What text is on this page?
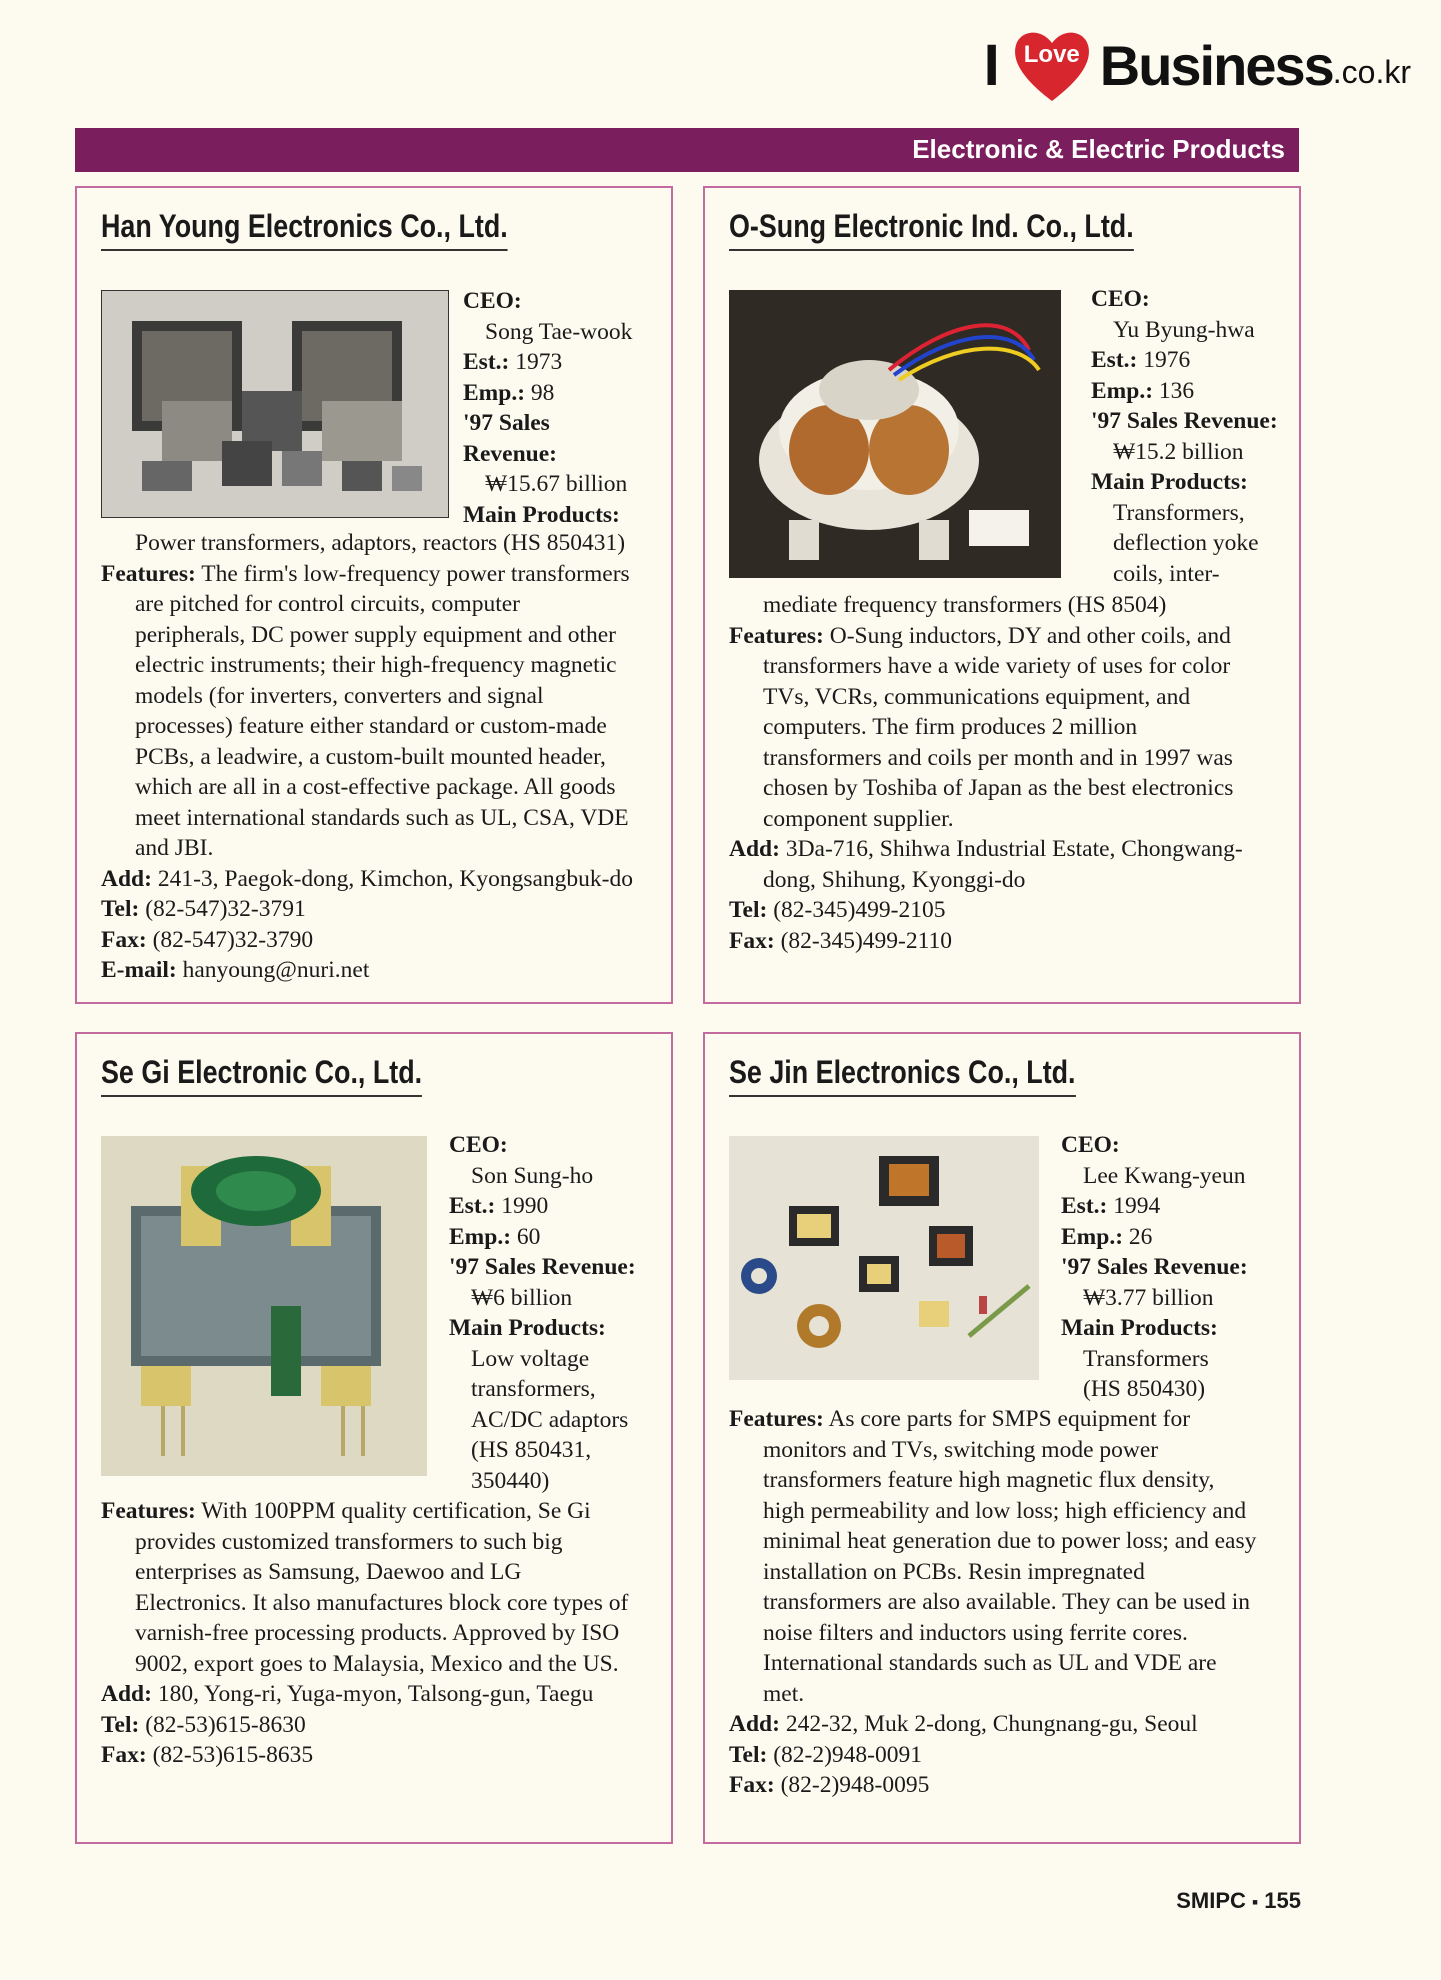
I Love Business .co.kr
Electronic & Electric Products
Han Young Electronics Co., Ltd.
CEO:
Song Tae-wook
Est.: 1973
Emp.: 98
'97 Sales
Revenue:
₩15.67 billion
Main Products:

Power transformers, adaptors, reactors (HS 850431)

Features: The firm's low-frequency power transformers

are pitched for control circuits, computer

peripherals, DC power supply equipment and other

electric instruments; their high-frequency magnetic

models (for inverters, converters and signal

processes) feature either standard or custom-made

PCBs, a leadwire, a custom-built mounted header,

which are all in a cost-effective package. All goods

meet international standards such as UL, CSA, VDE

and JBI.

Add: 241-3, Paegok-dong, Kimchon, Kyongsangbuk-do

Tel: (82-547)32-3791

Fax: (82-547)32-3790

E-mail: hanyoung@nuri.net

O-Sung Electronic Ind. Co., Ltd.
CEO:
Yu Byung-hwa
Est.: 1976
Emp.: 136
'97 Sales Revenue:
₩15.2 billion
Main Products:
Transformers,
deflection yoke
coils, inter-

mediate frequency transformers (HS 8504)

Features: O-Sung inductors, DY and other coils, and

transformers have a wide variety of uses for color

TVs, VCRs, communications equipment, and

computers. The firm produces 2 million

transformers and coils per month and in 1997 was

chosen by Toshiba of Japan as the best electronics

component supplier.

Add: 3Da-716, Shihwa Industrial Estate, Chongwang-

dong, Shihung, Kyonggi-do

Tel: (82-345)499-2105

Fax: (82-345)499-2110

Se Gi Electronic Co., Ltd.
CEO:
Son Sung-ho
Est.: 1990
Emp.: 60
'97 Sales Revenue:
₩6 billion
Main Products:
Low voltage
transformers,
AC/DC adaptors
(HS 850431,
350440)

Features: With 100PPM quality certification, Se Gi

provides customized transformers to such big

enterprises as Samsung, Daewoo and LG

Electronics. It also manufactures block core types of

varnish-free processing products. Approved by ISO

9002, export goes to Malaysia, Mexico and the US.

Add: 180, Yong-ri, Yuga-myon, Talsong-gun, Taegu

Tel: (82-53)615-8630

Fax: (82-53)615-8635

Se Jin Electronics Co., Ltd.
CEO:
Lee Kwang-yeun
Est.: 1994
Emp.: 26
'97 Sales Revenue:
₩3.77 billion
Main Products:
Transformers
(HS 850430)

Features: As core parts for SMPS equipment for

monitors and TVs, switching mode power

transformers feature high magnetic flux density,

high permeability and low loss; high efficiency and

minimal heat generation due to power loss; and easy

installation on PCBs. Resin impregnated

transformers are also available. They can be used in

noise filters and inductors using ferrite cores.

International standards such as UL and VDE are

met.

Add: 242-32, Muk 2-dong, Chungnang-gu, Seoul

Tel: (82-2)948-0091

Fax: (82-2)948-0095

SMIPC ▪ 155
